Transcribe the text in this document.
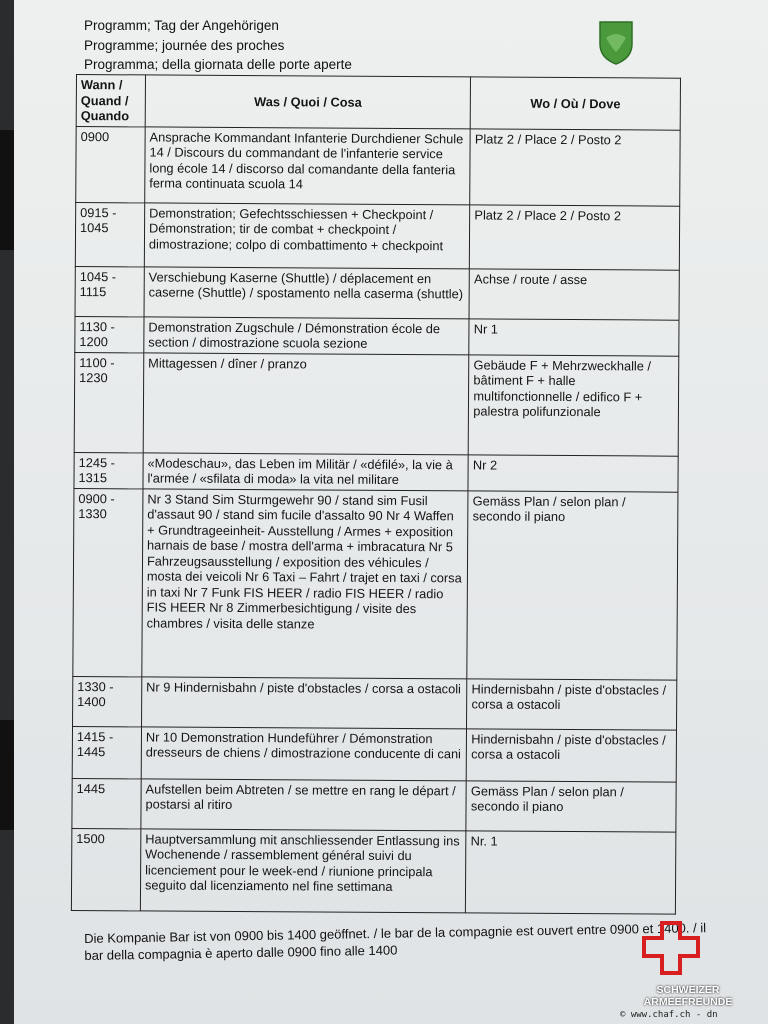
Programm; Tag der Angehörigen
Programme; journée des proches
Programma; della giornata delle porte aperte
Wann / Quand / Quando	Was / Quoi / Cosa	Wo / Où / Dove
0900	Ansprache Kommandant Infanterie Durchdiener Schule 14 / Discours du commandant de l'infanterie service long école 14 / discorso dal comandante della fanteria ferma continuata scuola 14	Platz 2 / Place 2 / Posto 2
0915 - 1045	Demonstration; Gefechtsschiessen + Checkpoint / Démonstration; tir de combat + checkpoint / dimostrazione; colpo di combattimento + checkpoint	Platz 2 / Place 2 / Posto 2
1045 - 1115	Verschiebung Kaserne (Shuttle) / déplacement en caserne (Shuttle) / spostamento nella caserma (shuttle)	Achse / route / asse
1130 - 1200	Demonstration Zugschule / Démonstration école de section / dimostrazione scuola sezione	Nr 1
1100 - 1230	Mittagessen / dîner / pranzo	Gebäude F + Mehrzweckhalle / bâtiment F + halle multifonctionnelle / edifico F + palestra polifunzionale
1245 - 1315	«Modeschau», das Leben im Militär / «défilé», la vie à l'armée / «sfilata di moda» la vita nel militare	Nr 2
0900 - 1330	Nr 3 Stand Sim Sturmgewehr 90 / stand sim Fusil d'assaut 90 / stand sim fucile d'assalto 90 Nr 4 Waffen + Grundtrageeinheit- Ausstellung / Armes + exposition harnais de base / mostra dell'arma + imbracatura Nr 5 Fahrzeugsausstellung / exposition des véhicules / mosta dei veicoli Nr 6 Taxi – Fahrt / trajet en taxi / corsa in taxi Nr 7 Funk FIS HEER / radio FIS HEER / radio FIS HEER Nr 8 Zimmerbesichtigung / visite des chambres / visita delle stanze	Gemäss Plan / selon plan / secondo il piano
1330 - 1400	Nr 9 Hindernisbahn / piste d'obstacles / corsa a ostacoli	Hindernisbahn / piste d'obstacles / corsa a ostacoli
1415 - 1445	Nr 10 Demonstration Hundeführer / Démonstration dresseurs de chiens / dimostrazione conducente di cani	Hindernisbahn / piste d'obstacles / corsa a ostacoli
1445	Aufstellen beim Abtreten / se mettre en rang le départ / postarsi al ritiro	Gemäss Plan / selon plan / secondo il piano
1500	Hauptversammlung mit anschliessender Entlassung ins Wochenende / rassemblement général suivi du licenciement pour le week-end / riunione principala seguito dal licenziamento nel fine settimana	Nr. 1
Die Kompanie Bar ist von 0900 bis 1400 geöffnet. / le bar de la compagnie est ouvert entre 0900 et 1400. / il bar della compagnia è aperto dalle 0900 fino alle 1400
SCHWEIZER
ARMEEFREUNDE
© www.chaf.ch - dn
